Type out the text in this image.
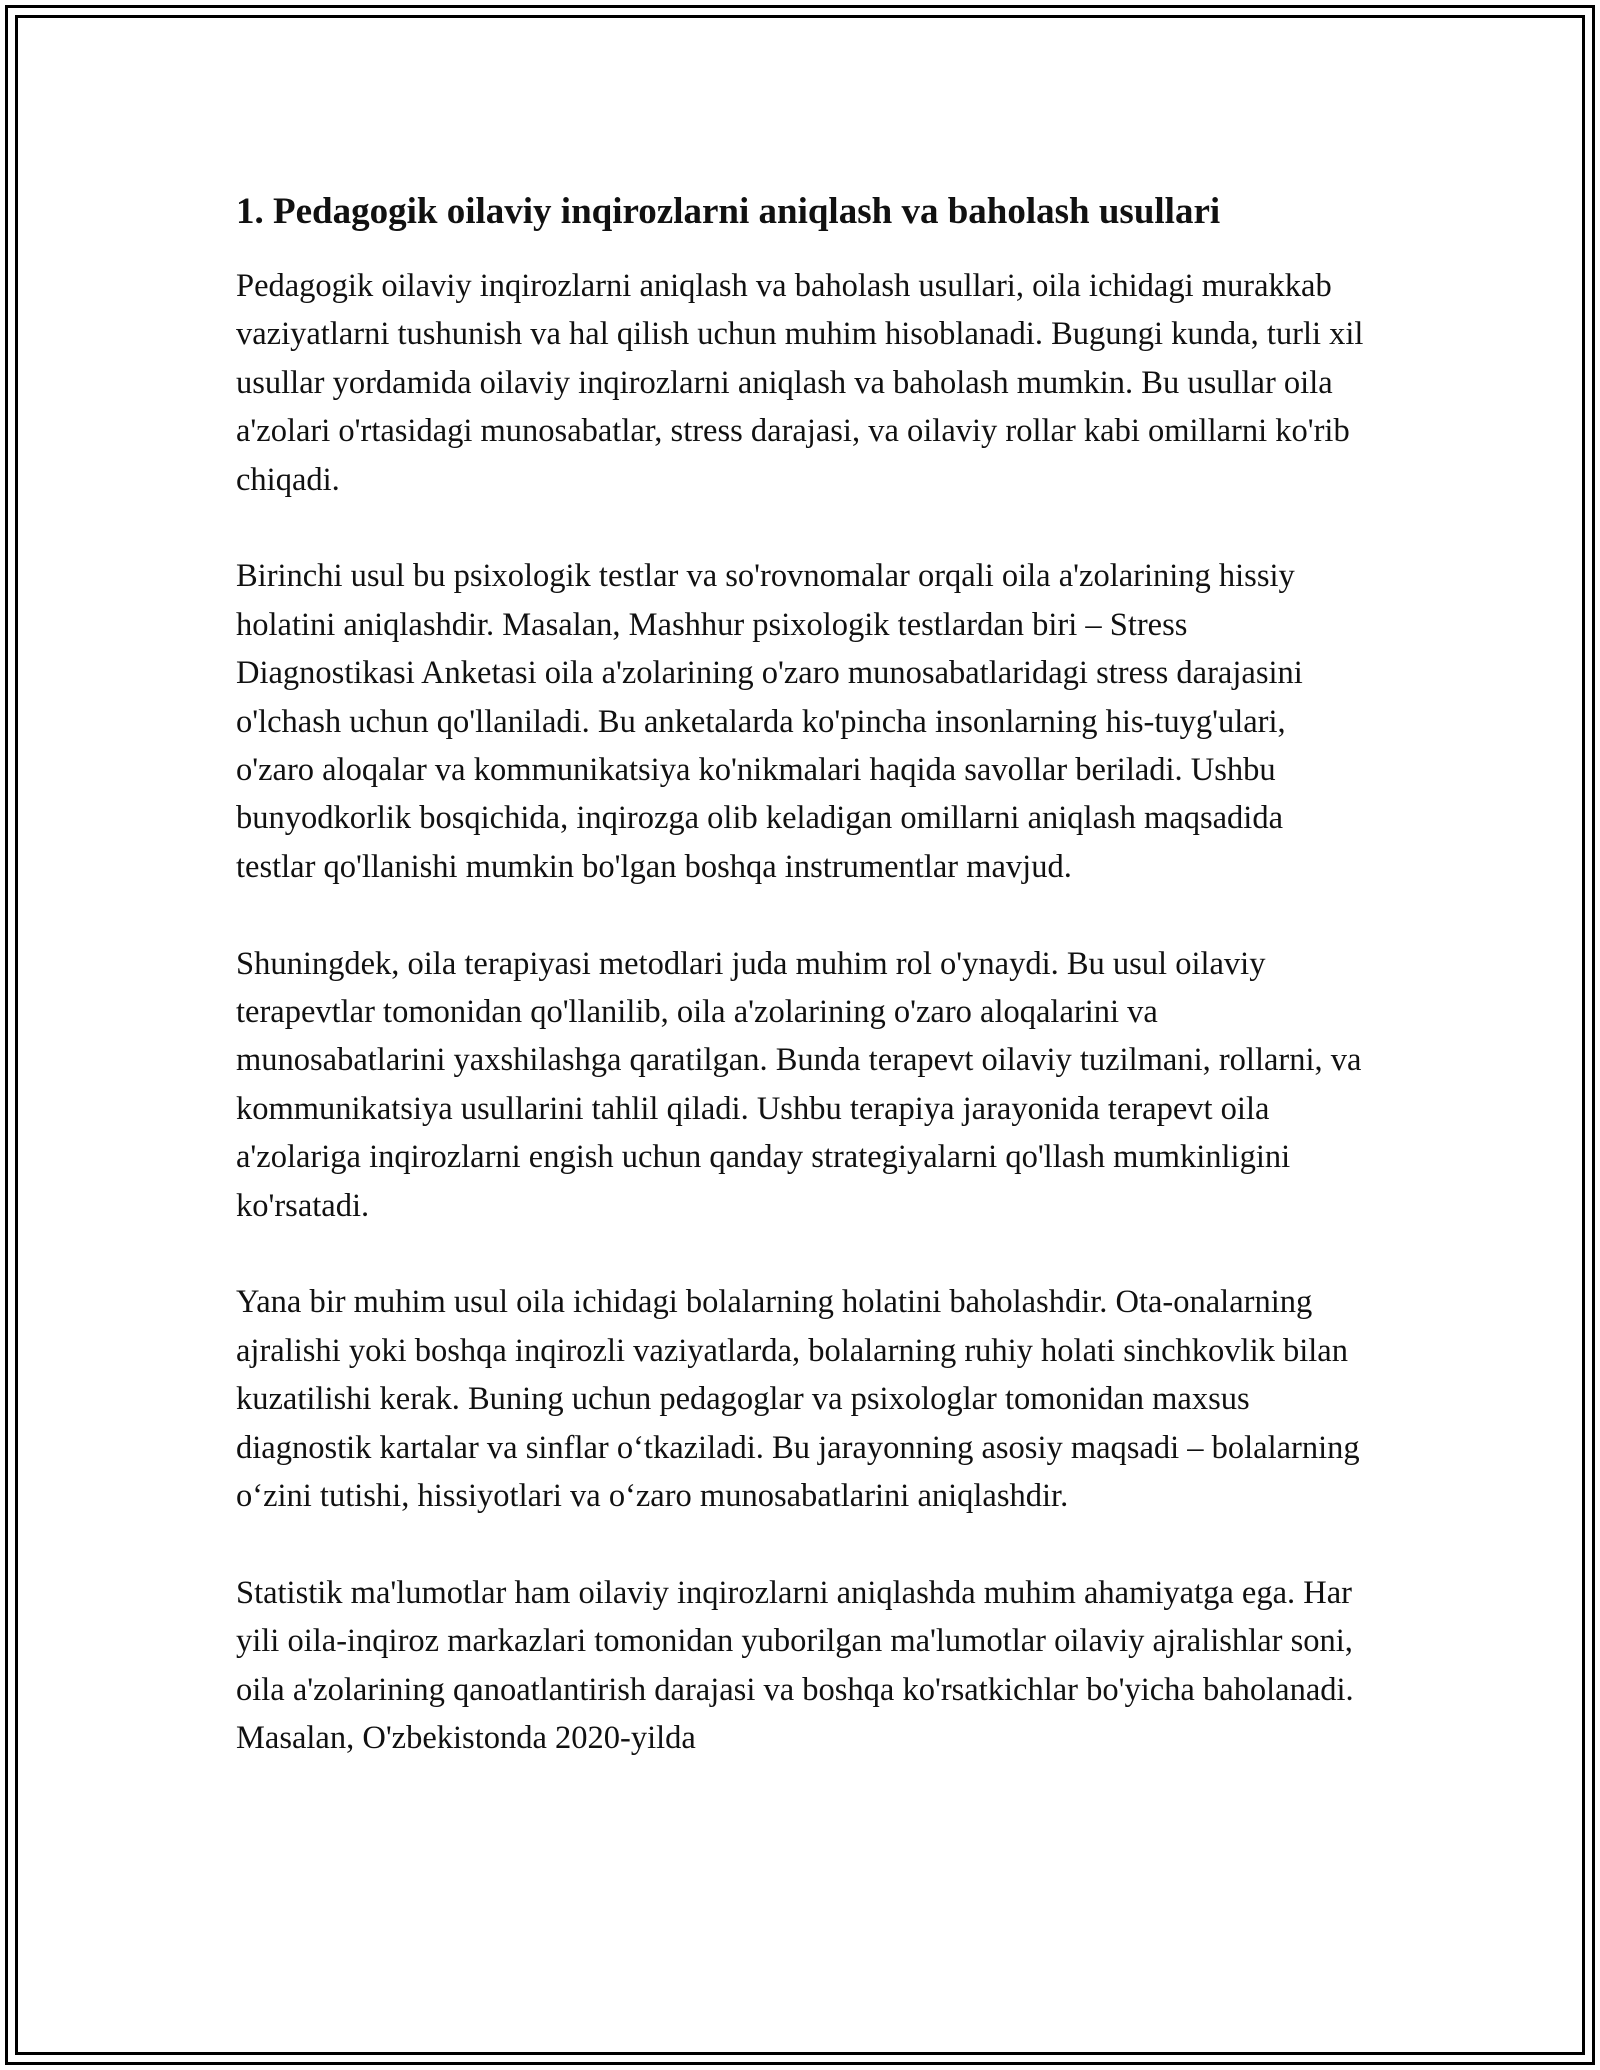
1. Pedagogik oilaviy inqirozlarni aniqlash va baholash usullari

Pedagogik oilaviy inqirozlarni aniqlash va baholash usullari, oila ichidagi murakkab vaziyatlarni tushunish va hal qilish uchun muhim hisoblanadi. Bugungi kunda, turli xil usullar yordamida oilaviy inqirozlarni aniqlash va baholash mumkin. Bu usullar oila a'zolari o'rtasidagi munosabatlar, stress darajasi, va oilaviy rollar kabi omillarni ko'rib chiqadi.

Birinchi usul bu psixologik testlar va so'rovnomalar orqali oila a'zolarining hissiy holatini aniqlashdir. Masalan, Mashhur psixologik testlardan biri – Stress Diagnostikasi Anketasi oila a'zolarining o'zaro munosabatlaridagi stress darajasini o'lchash uchun qo'llaniladi. Bu anketalarda ko'pincha insonlarning his-tuyg'ulari, o'zaro aloqalar va kommunikatsiya ko'nikmalari haqida savollar beriladi. Ushbu bunyodkorlik bosqichida, inqirozga olib keladigan omillarni aniqlash maqsadida testlar qo'llanishi mumkin bo'lgan boshqa instrumentlar mavjud.

Shuningdek, oila terapiyasi metodlari juda muhim rol o'ynaydi. Bu usul oilaviy terapevtlar tomonidan qo'llanilib, oila a'zolarining o'zaro aloqalarini va munosabatlarini yaxshilashga qaratilgan. Bunda terapevt oilaviy tuzilmani, rollarni, va kommunikatsiya usullarini tahlil qiladi. Ushbu terapiya jarayonida terapevt oila a'zolariga inqirozlarni engish uchun qanday strategiyalarni qo'llash mumkinligini ko'rsatadi.

Yana bir muhim usul oila ichidagi bolalarning holatini baholashdir. Ota-onalarning ajralishi yoki boshqa inqirozli vaziyatlarda, bolalarning ruhiy holati sinchkovlik bilan kuzatilishi kerak. Buning uchun pedagoglar va psixologlar tomonidan maxsus diagnostik kartalar va sinflar o‘tkaziladi. Bu jarayonning asosiy maqsadi – bolalarning o‘zini tutishi, hissiyotlari va o‘zaro munosabatlarini aniqlashdir.

Statistik ma'lumotlar ham oilaviy inqirozlarni aniqlashda muhim ahamiyatga ega. Har yili oila-inqiroz markazlari tomonidan yuborilgan ma'lumotlar oilaviy ajralishlar soni, oila a'zolarining qanoatlantirish darajasi va boshqa ko'rsatkichlar bo'yicha baholanadi. Masalan, O'zbekistonda 2020-yilda
